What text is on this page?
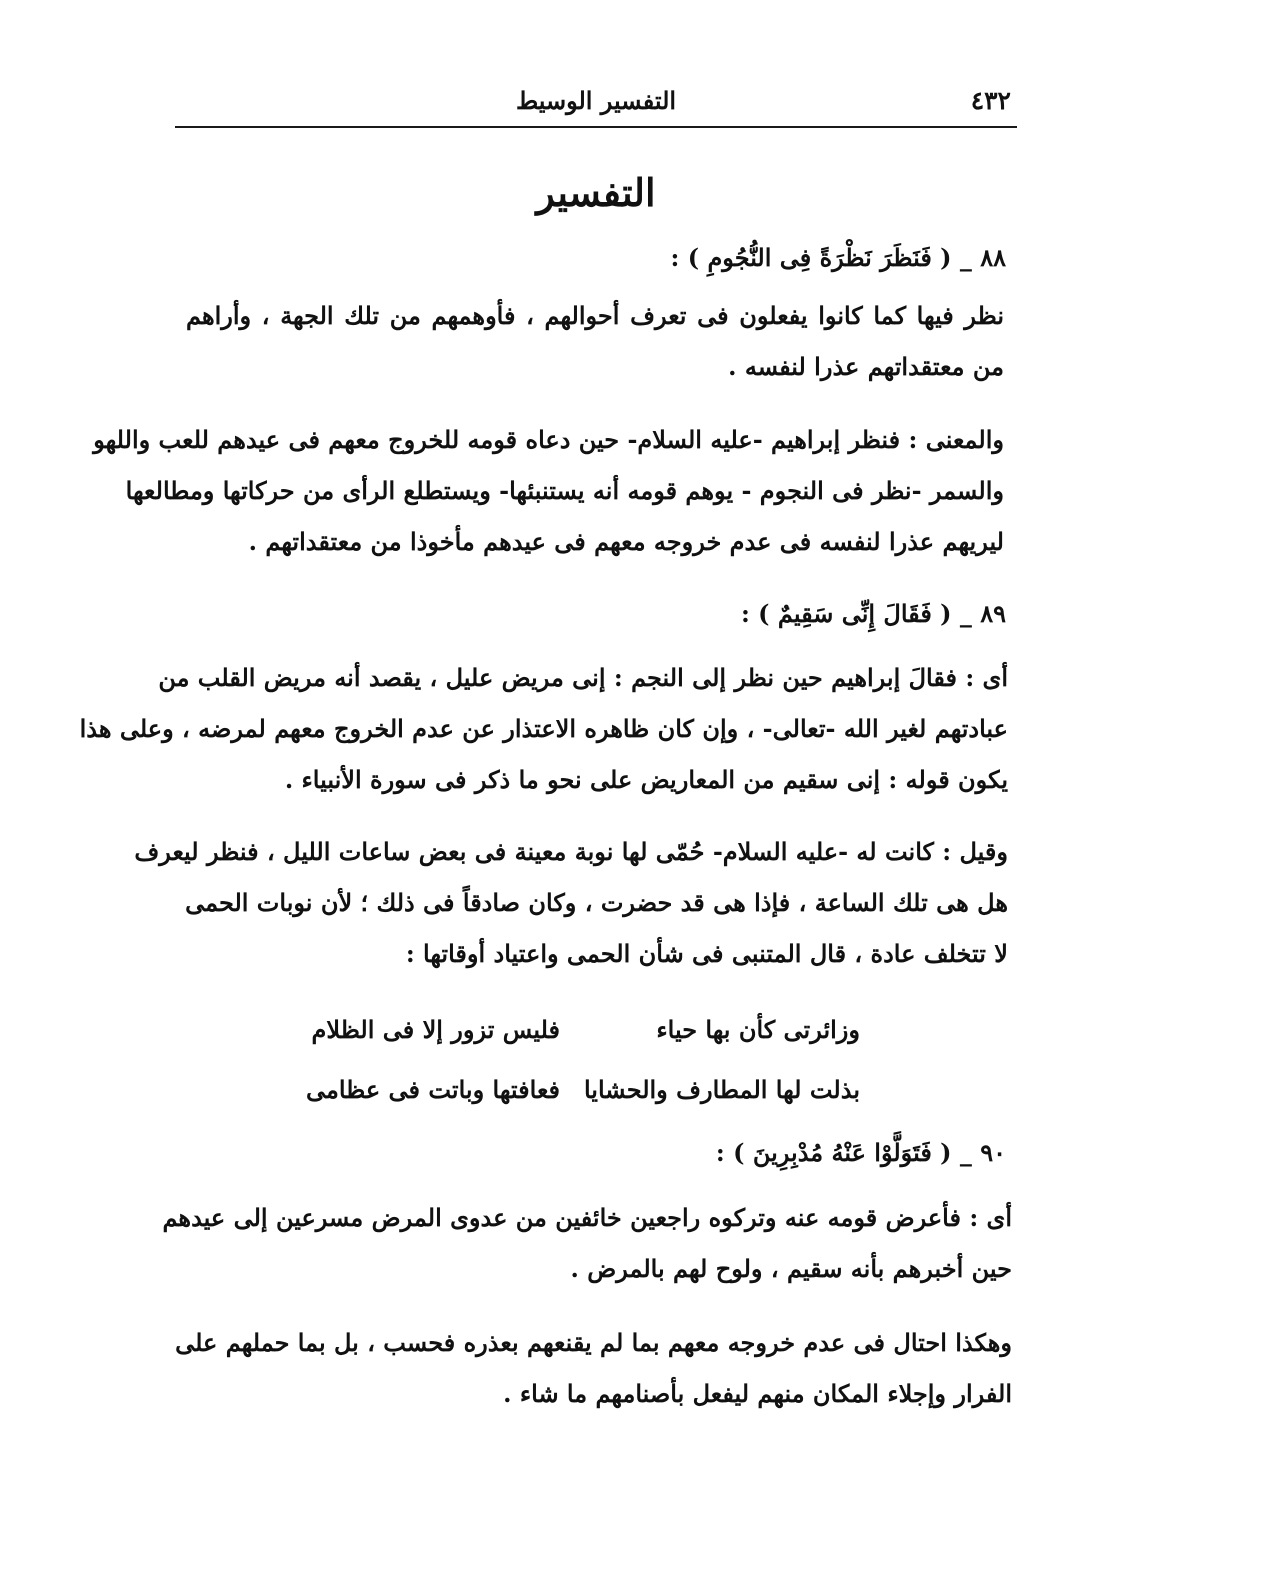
٤٣٢
التفسير الوسيط
التفسير
٨٨ _ ( فَنَظَرَ نَظْرَةً فِى النُّجُومِ ) :
نظر فيها كما كانوا يفعلون فى تعرف أحوالهم ، فأوهمهم من تلك الجهة ، وأراهم
من معتقداتهم عذرا لنفسه .
والمعنى : فنظر إبراهيم -عليه السلام- حين دعاه قومه للخروج معهم فى عيدهم للعب واللهو
والسمر -نظر فى النجوم - يوهم قومه أنه يستنبئها- ويستطلع الرأى من حركاتها ومطالعها
ليريهم عذرا لنفسه فى عدم خروجه معهم فى عيدهم مأخوذا من معتقداتهم .
٨٩ _ ( فَقَالَ إِنِّى سَقِيمٌ ) :
أى : فقالَ إبراهيم حين نظر إلى النجم : إنى مريض عليل ، يقصد أنه مريض القلب من
عبادتهم لغير الله -تعالى- ، وإن كان ظاهره الاعتذار عن عدم الخروج معهم لمرضه ، وعلى هذا
يكون قوله : إنى سقيم من المعاريض على نحو ما ذكر فى سورة الأنبياء .
وقيل : كانت له -عليه السلام- حُمّى لها نوبة معينة فى بعض ساعات الليل ، فنظر ليعرف
هل هى تلك الساعة ، فإذا هى قد حضرت ، وكان صادقاً فى ذلك ؛ لأن نوبات الحمى
لا تتخلف عادة ، قال المتنبى فى شأن الحمى واعتياد أوقاتها :
وزائرتى كأن بها حياء
فليس تزور إلا فى الظلام
بذلت لها المطارف والحشايا
فعافتها وباتت فى عظامى
٩٠ _ ( فَتَوَلَّوْا عَنْهُ مُدْبِرِينَ ) :
أى : فأعرض قومه عنه وتركوه راجعين خائفين من عدوى المرض مسرعين إلى عيدهم
حين أخبرهم بأنه سقيم ، ولوح لهم بالمرض .
وهكذا احتال فى عدم خروجه معهم بما لم يقنعهم بعذره فحسب ، بل بما حملهم على
الفرار وإجلاء المكان منهم ليفعل بأصنامهم ما شاء .
